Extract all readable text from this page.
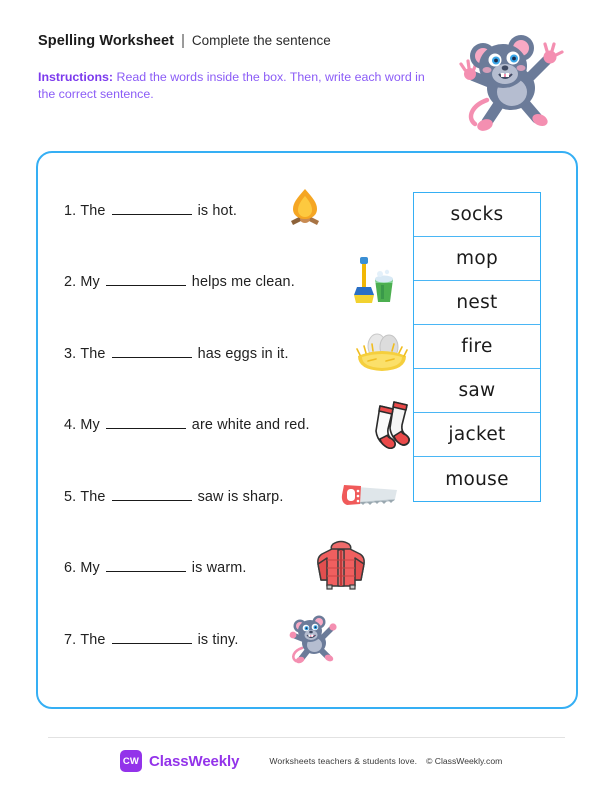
Spelling Worksheet | Complete the sentence
Instructions: Read the words inside the box. Then, write each word in the correct sentence.
1. The	is hot.
2. My	helps me clean.
3. The	has eggs in it.
4. My	are white and red.
5. The	saw is sharp.
6. My	is warm.
7. The	is tiny.
socks
mop
nest
fire
saw
jacket
mouse
CW ClassWeekly	Worksheets teachers & students love. © ClassWeekly.com
